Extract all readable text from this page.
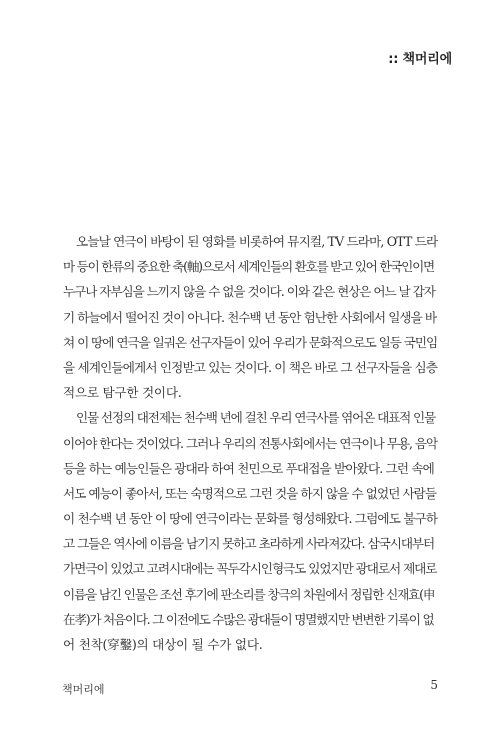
:: 책머리에
오늘날 연극이 바탕이 된 영화를 비롯하여 뮤지컬, TV 드라마, OTT 드라
마 등이 한류의 중요한 축(軸)으로서 세계인들의 환호를 받고 있어 한국인이면
누구나 자부심을 느끼지 않을 수 없을 것이다. 이와 같은 현상은 어느 날 갑자
기 하늘에서 떨어진 것이 아니다. 천수백 년 동안 험난한 사회에서 일생을 바
쳐 이 땅에 연극을 일궈온 선구자들이 있어 우리가 문화적으로도 일등 국민임
을 세계인들에게서 인정받고 있는 것이다. 이 책은 바로 그 선구자들을 심층
적으로 탐구한 것이다.
인물 선정의 대전제는 천수백 년에 걸친 우리 연극사를 엮어온 대표적 인물
이어야 한다는 것이었다. 그러나 우리의 전통사회에서는 연극이나 무용, 음악
등을 하는 예능인들은 광대라 하여 천민으로 푸대접을 받아왔다. 그런 속에
서도 예능이 좋아서, 또는 숙명적으로 그런 것을 하지 않을 수 없었던 사람들
이 천수백 년 동안 이 땅에 연극이라는 문화를 형성해왔다. 그럼에도 불구하
고 그들은 역사에 이름을 남기지 못하고 초라하게 사라져갔다. 삼국시대부터
가면극이 있었고 고려시대에는 꼭두각시인형극도 있었지만 광대로서 제대로
이름을 남긴 인물은 조선 후기에 판소리를 창극의 차원에서 정립한 신재효(申
在孝)가 처음이다. 그 이전에도 수많은 광대들이 명멸했지만 변변한 기록이 없
어 천착(穿鑿)의 대상이 될 수가 없다.
책머리에	5
